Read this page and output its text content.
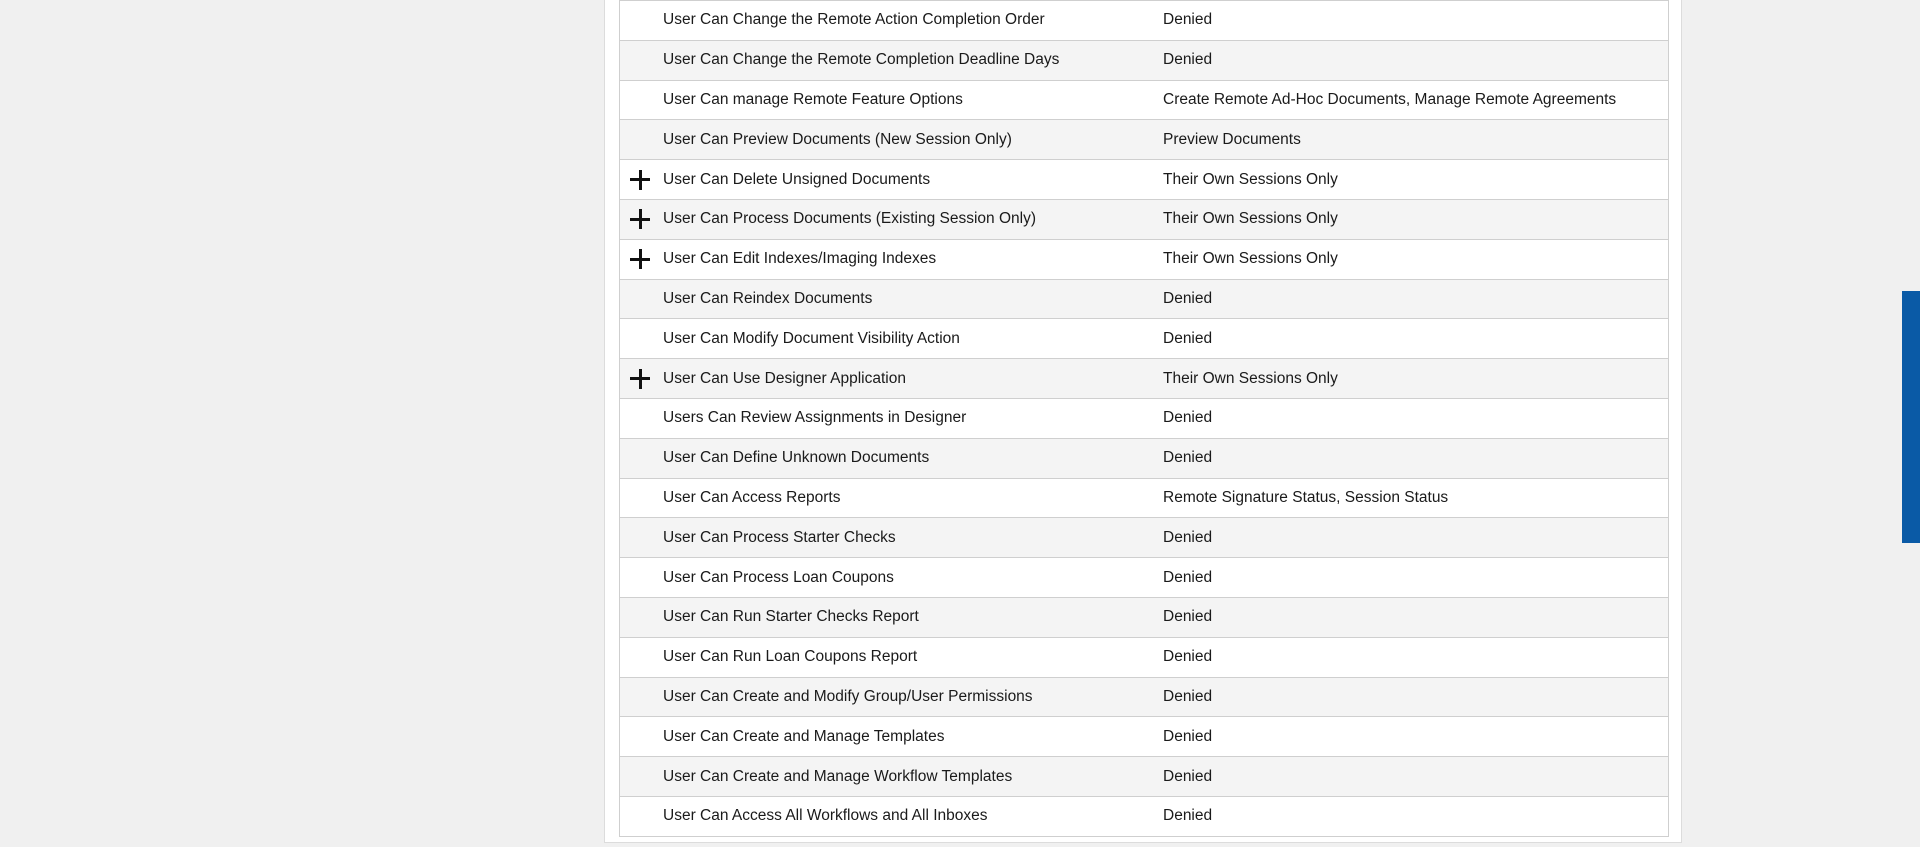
User Can Change the Remote Action Completion Order	Denied
User Can Change the Remote Completion Deadline Days	Denied
User Can manage Remote Feature Options	Create Remote Ad-Hoc Documents, Manage Remote Agreements
User Can Preview Documents (New Session Only)	Preview Documents
User Can Delete Unsigned Documents	Their Own Sessions Only
User Can Process Documents (Existing Session Only)	Their Own Sessions Only
User Can Edit Indexes/Imaging Indexes	Their Own Sessions Only
User Can Reindex Documents	Denied
User Can Modify Document Visibility Action	Denied
User Can Use Designer Application	Their Own Sessions Only
Users Can Review Assignments in Designer	Denied
User Can Define Unknown Documents	Denied
User Can Access Reports	Remote Signature Status, Session Status
User Can Process Starter Checks	Denied
User Can Process Loan Coupons	Denied
User Can Run Starter Checks Report	Denied
User Can Run Loan Coupons Report	Denied
User Can Create and Modify Group/User Permissions	Denied
User Can Create and Manage Templates	Denied
User Can Create and Manage Workflow Templates	Denied
User Can Access All Workflows and All Inboxes	Denied
